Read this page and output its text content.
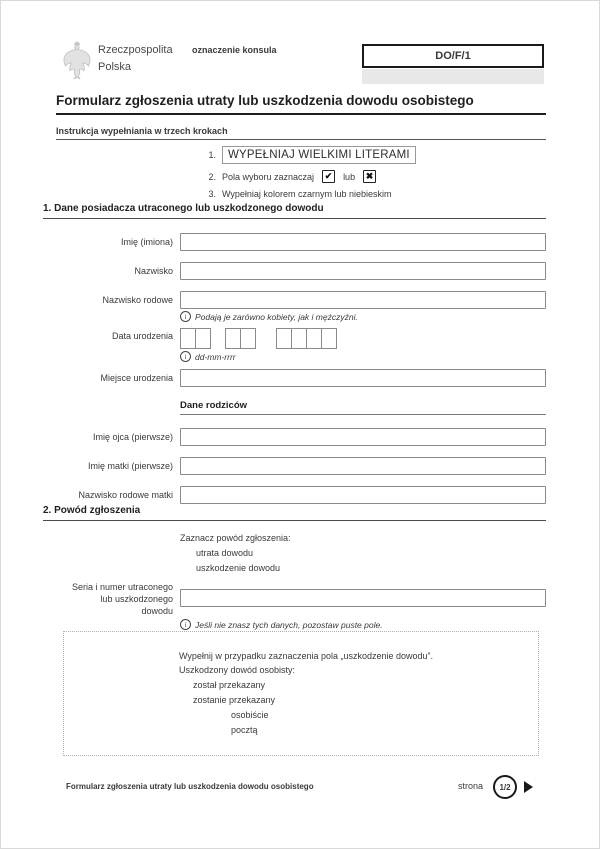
Rzeczpospolita
Polska
oznaczenie konsula	DO/F/1
Formularz zgłoszenia utraty lub uszkodzenia dowodu osobistego
Instrukcja wypełniania w trzech krokach
1.	WYPEŁNIAJ WIELKIMI LITERAMI
2. Pola wyboru zaznaczaj	✔	lub	✖
3. Wypełniaj kolorem czarnym lub niebieskim
1. Dane posiadacza utraconego lub uszkodzonego dowodu
Imię (imiona)
Nazwisko
Nazwisko rodowe
i	Podają je zarówno kobiety, jak i mężczyźni.
Data urodzenia
i	dd-mm-rrrr
Miejsce urodzenia
Dane rodziców
Imię ojca (pierwsze)
Imię matki (pierwsze)
Nazwisko rodowe matki
2. Powód zgłoszenia
Zaznacz powód zgłoszenia:
utrata dowodu
uszkodzenie dowodu
Seria i numer utraconego
lub uszkodzonego
dowodu
i	Jeśli nie znasz tych danych, pozostaw puste pole.
Wypełnij w przypadku zaznaczenia pola „uszkodzenie dowodu”.
Uszkodzony dowód osobisty:
został przekazany
zostanie przekazany
osobiście
pocztą
Formularz zgłoszenia utraty lub uszkodzenia dowodu osobistego	strona	1/2
